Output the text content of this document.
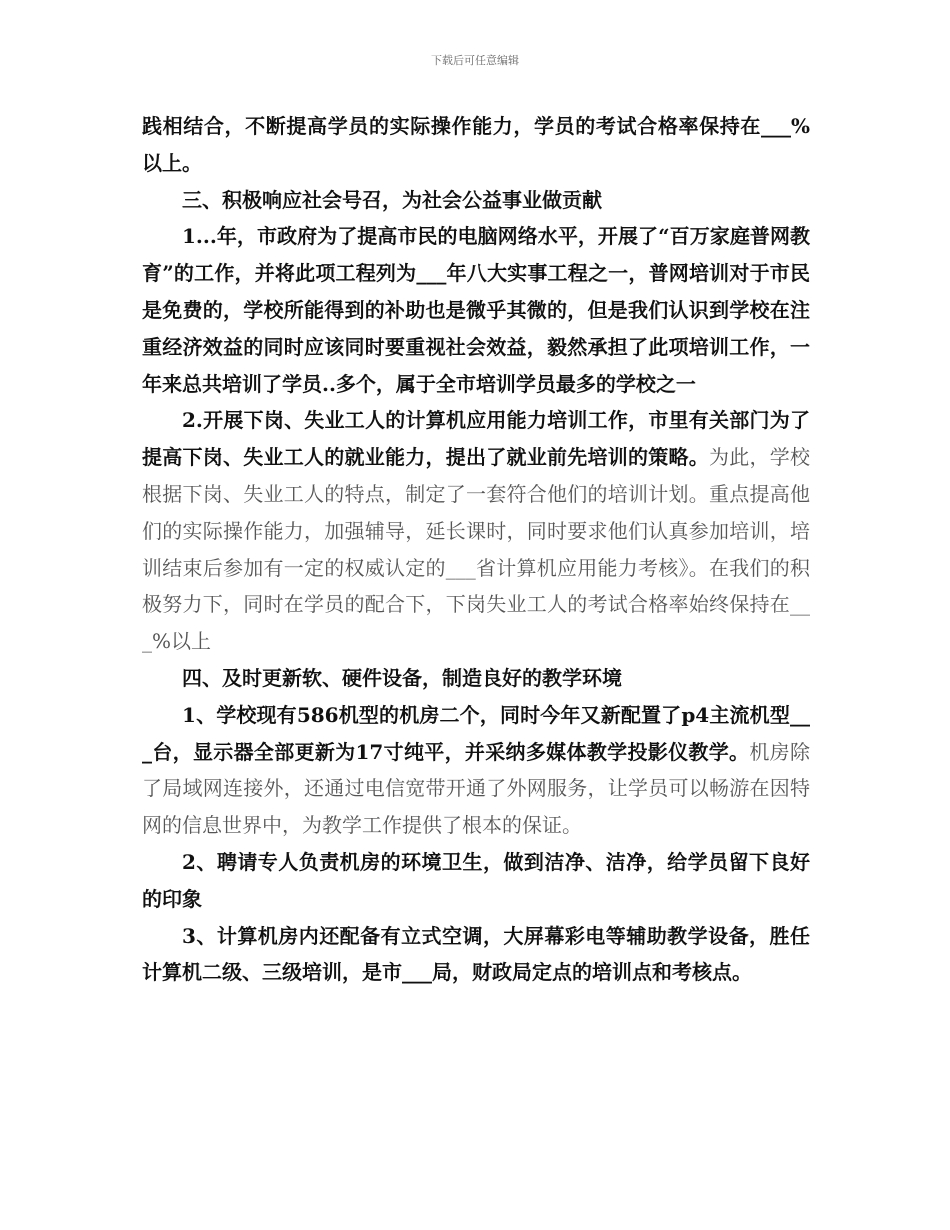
下载后可任意编辑

践相结合，不断提高学员的实际操作能力，学员的考试合格率保持在___%以上。

三、积极响应社会号召，为社会公益事业做贡献

1...年，市政府为了提高市民的电脑网络水平，开展了“百万家庭普网教育”的工作，并将此项工程列为___年八大实事工程之一，普网培训对于市民是免费的，学校所能得到的补助也是微乎其微的，但是我们认识到学校在注重经济效益的同时应该同时要重视社会效益，毅然承担了此项培训工作，一年来总共培训了学员..多个，属于全市培训学员最多的学校之一

2.开展下岗、失业工人的计算机应用能力培训工作，市里有关部门为了提高下岗、失业工人的就业能力，提出了就业前先培训的策略。为此，学校根据下岗、失业工人的特点，制定了一套符合他们的培训计划。重点提高他们的实际操作能力，加强辅导，延长课时，同时要求他们认真参加培训，培训结束后参加有一定的权威认定的___省计算机应用能力考核》。在我们的积极努力下，同时在学员的配合下，下岗失业工人的考试合格率始终保持在___%以上

四、及时更新软、硬件设备，制造良好的教学环境

1、学校现有586机型的机房二个，同时今年又新配置了p4主流机型___台，显示器全部更新为17寸纯平，并采纳多媒体教学投影仪教学。机房除了局域网连接外，还通过电信宽带开通了外网服务，让学员可以畅游在因特网的信息世界中，为教学工作提供了根本的保证。

2、聘请专人负责机房的环境卫生，做到洁净、洁净，给学员留下良好的印象

3、计算机房内还配备有立式空调，大屏幕彩电等辅助教学设备，胜任计算机二级、三级培训，是市___局，财政局定点的培训点和考核点。
